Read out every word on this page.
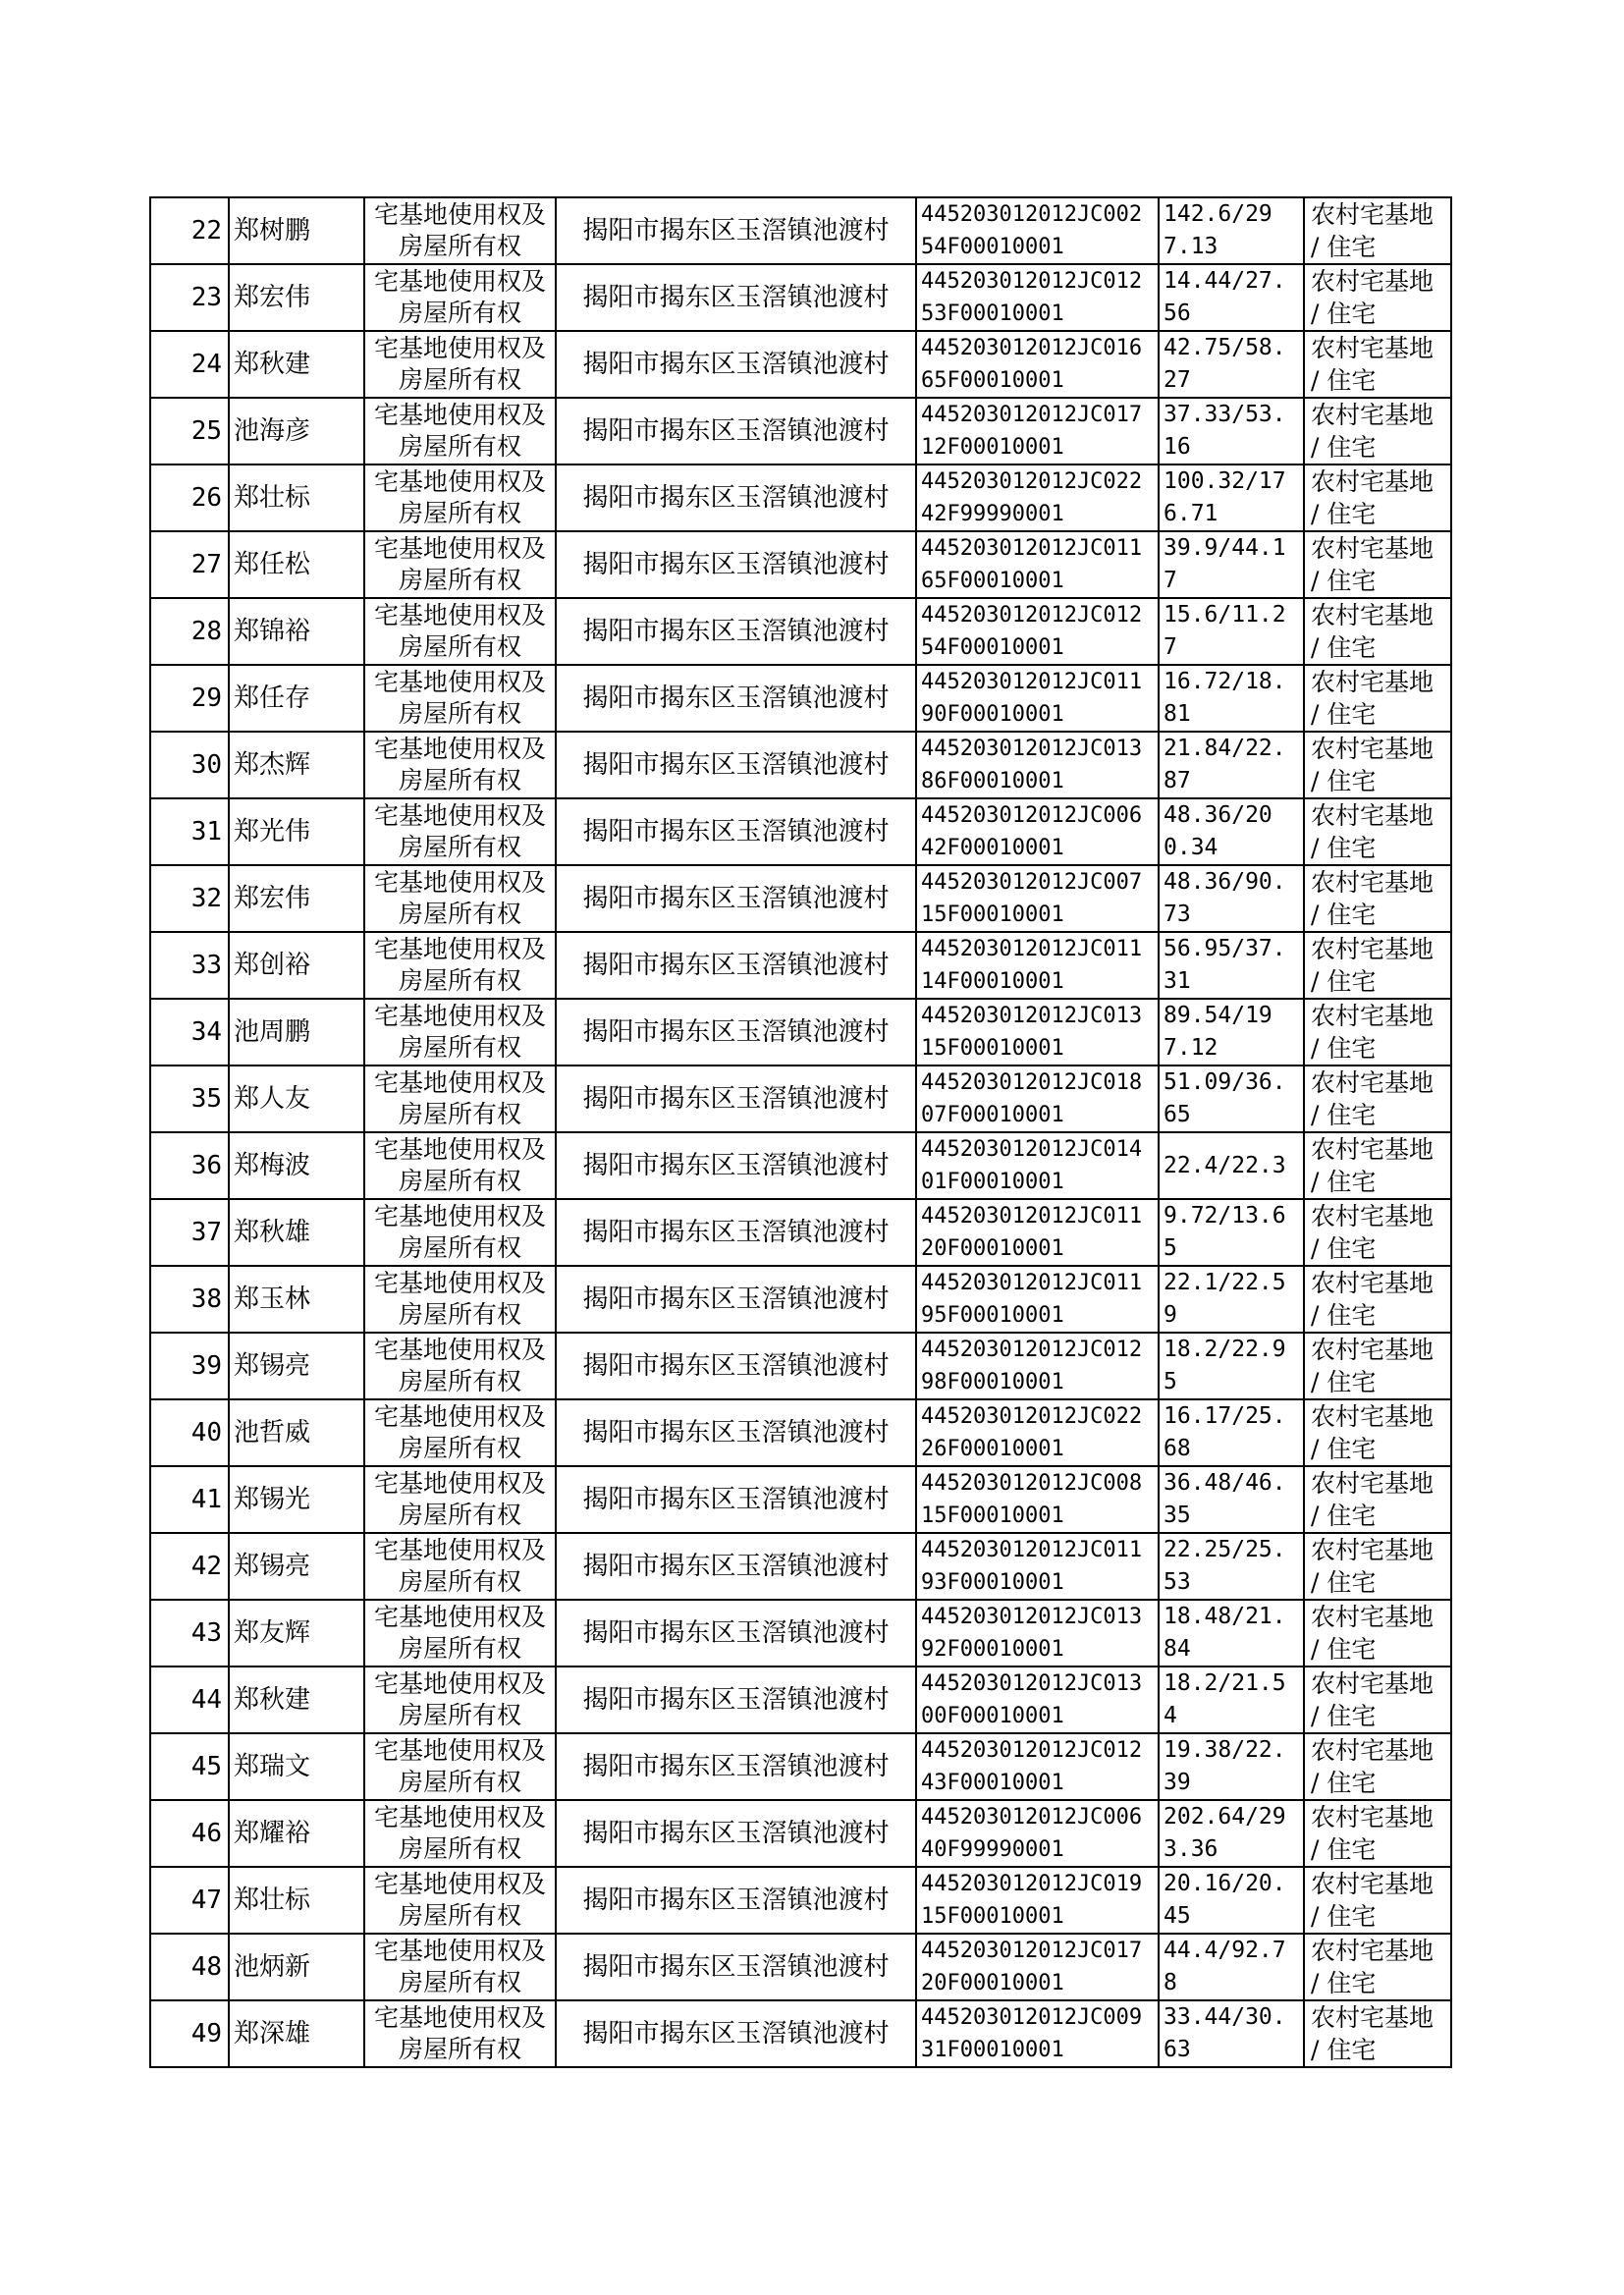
22	郑树鹏	宅基地使用权及房屋所有权	揭阳市揭东区玉滘镇池渡村	445203012012JC00254F00010001	142.6/297.13	农村宅基地 / 住宅

23	郑宏伟	宅基地使用权及房屋所有权	揭阳市揭东区玉滘镇池渡村	445203012012JC01253F00010001	14.44/27.56	农村宅基地 / 住宅

24	郑秋建	宅基地使用权及房屋所有权	揭阳市揭东区玉滘镇池渡村	445203012012JC01665F00010001	42.75/58.27	农村宅基地 / 住宅

25	池海彦	宅基地使用权及房屋所有权	揭阳市揭东区玉滘镇池渡村	445203012012JC01712F00010001	37.33/53.16	农村宅基地 / 住宅

26	郑壮标	宅基地使用权及房屋所有权	揭阳市揭东区玉滘镇池渡村	445203012012JC02242F99990001	100.32/176.71	农村宅基地 / 住宅

27	郑任松	宅基地使用权及房屋所有权	揭阳市揭东区玉滘镇池渡村	445203012012JC01165F00010001	39.9/44.17	农村宅基地 / 住宅

28	郑锦裕	宅基地使用权及房屋所有权	揭阳市揭东区玉滘镇池渡村	445203012012JC01254F00010001	15.6/11.27	农村宅基地 / 住宅

29	郑任存	宅基地使用权及房屋所有权	揭阳市揭东区玉滘镇池渡村	445203012012JC01190F00010001	16.72/18.81	农村宅基地 / 住宅

30	郑杰辉	宅基地使用权及房屋所有权	揭阳市揭东区玉滘镇池渡村	445203012012JC01386F00010001	21.84/22.87	农村宅基地 / 住宅

31	郑光伟	宅基地使用权及房屋所有权	揭阳市揭东区玉滘镇池渡村	445203012012JC00642F00010001	48.36/200.34	农村宅基地 / 住宅

32	郑宏伟	宅基地使用权及房屋所有权	揭阳市揭东区玉滘镇池渡村	445203012012JC00715F00010001	48.36/90.73	农村宅基地 / 住宅

33	郑创裕	宅基地使用权及房屋所有权	揭阳市揭东区玉滘镇池渡村	445203012012JC01114F00010001	56.95/37.31	农村宅基地 / 住宅

34	池周鹏	宅基地使用权及房屋所有权	揭阳市揭东区玉滘镇池渡村	445203012012JC01315F00010001	89.54/197.12	农村宅基地 / 住宅

35	郑人友	宅基地使用权及房屋所有权	揭阳市揭东区玉滘镇池渡村	445203012012JC01807F00010001	51.09/36.65	农村宅基地 / 住宅

36	郑梅波	宅基地使用权及房屋所有权	揭阳市揭东区玉滘镇池渡村	445203012012JC01401F00010001	22.4/22.3	农村宅基地 / 住宅

37	郑秋雄	宅基地使用权及房屋所有权	揭阳市揭东区玉滘镇池渡村	445203012012JC01120F00010001	9.72/13.65	农村宅基地 / 住宅

38	郑玉林	宅基地使用权及房屋所有权	揭阳市揭东区玉滘镇池渡村	445203012012JC01195F00010001	22.1/22.59	农村宅基地 / 住宅

39	郑锡亮	宅基地使用权及房屋所有权	揭阳市揭东区玉滘镇池渡村	445203012012JC01298F00010001	18.2/22.95	农村宅基地 / 住宅

40	池哲威	宅基地使用权及房屋所有权	揭阳市揭东区玉滘镇池渡村	445203012012JC02226F00010001	16.17/25.68	农村宅基地 / 住宅

41	郑锡光	宅基地使用权及房屋所有权	揭阳市揭东区玉滘镇池渡村	445203012012JC00815F00010001	36.48/46.35	农村宅基地 / 住宅

42	郑锡亮	宅基地使用权及房屋所有权	揭阳市揭东区玉滘镇池渡村	445203012012JC01193F00010001	22.25/25.53	农村宅基地 / 住宅

43	郑友辉	宅基地使用权及房屋所有权	揭阳市揭东区玉滘镇池渡村	445203012012JC01392F00010001	18.48/21.84	农村宅基地 / 住宅

44	郑秋建	宅基地使用权及房屋所有权	揭阳市揭东区玉滘镇池渡村	445203012012JC01300F00010001	18.2/21.54	农村宅基地 / 住宅

45	郑瑞文	宅基地使用权及房屋所有权	揭阳市揭东区玉滘镇池渡村	445203012012JC01243F00010001	19.38/22.39	农村宅基地 / 住宅

46	郑耀裕	宅基地使用权及房屋所有权	揭阳市揭东区玉滘镇池渡村	445203012012JC00640F99990001	202.64/293.36	农村宅基地 / 住宅

47	郑壮标	宅基地使用权及房屋所有权	揭阳市揭东区玉滘镇池渡村	445203012012JC01915F00010001	20.16/20.45	农村宅基地 / 住宅

48	池炳新	宅基地使用权及房屋所有权	揭阳市揭东区玉滘镇池渡村	445203012012JC01720F00010001	44.4/92.78	农村宅基地 / 住宅

49	郑深雄	宅基地使用权及房屋所有权	揭阳市揭东区玉滘镇池渡村	445203012012JC00931F00010001	33.44/30.63	农村宅基地 / 住宅
